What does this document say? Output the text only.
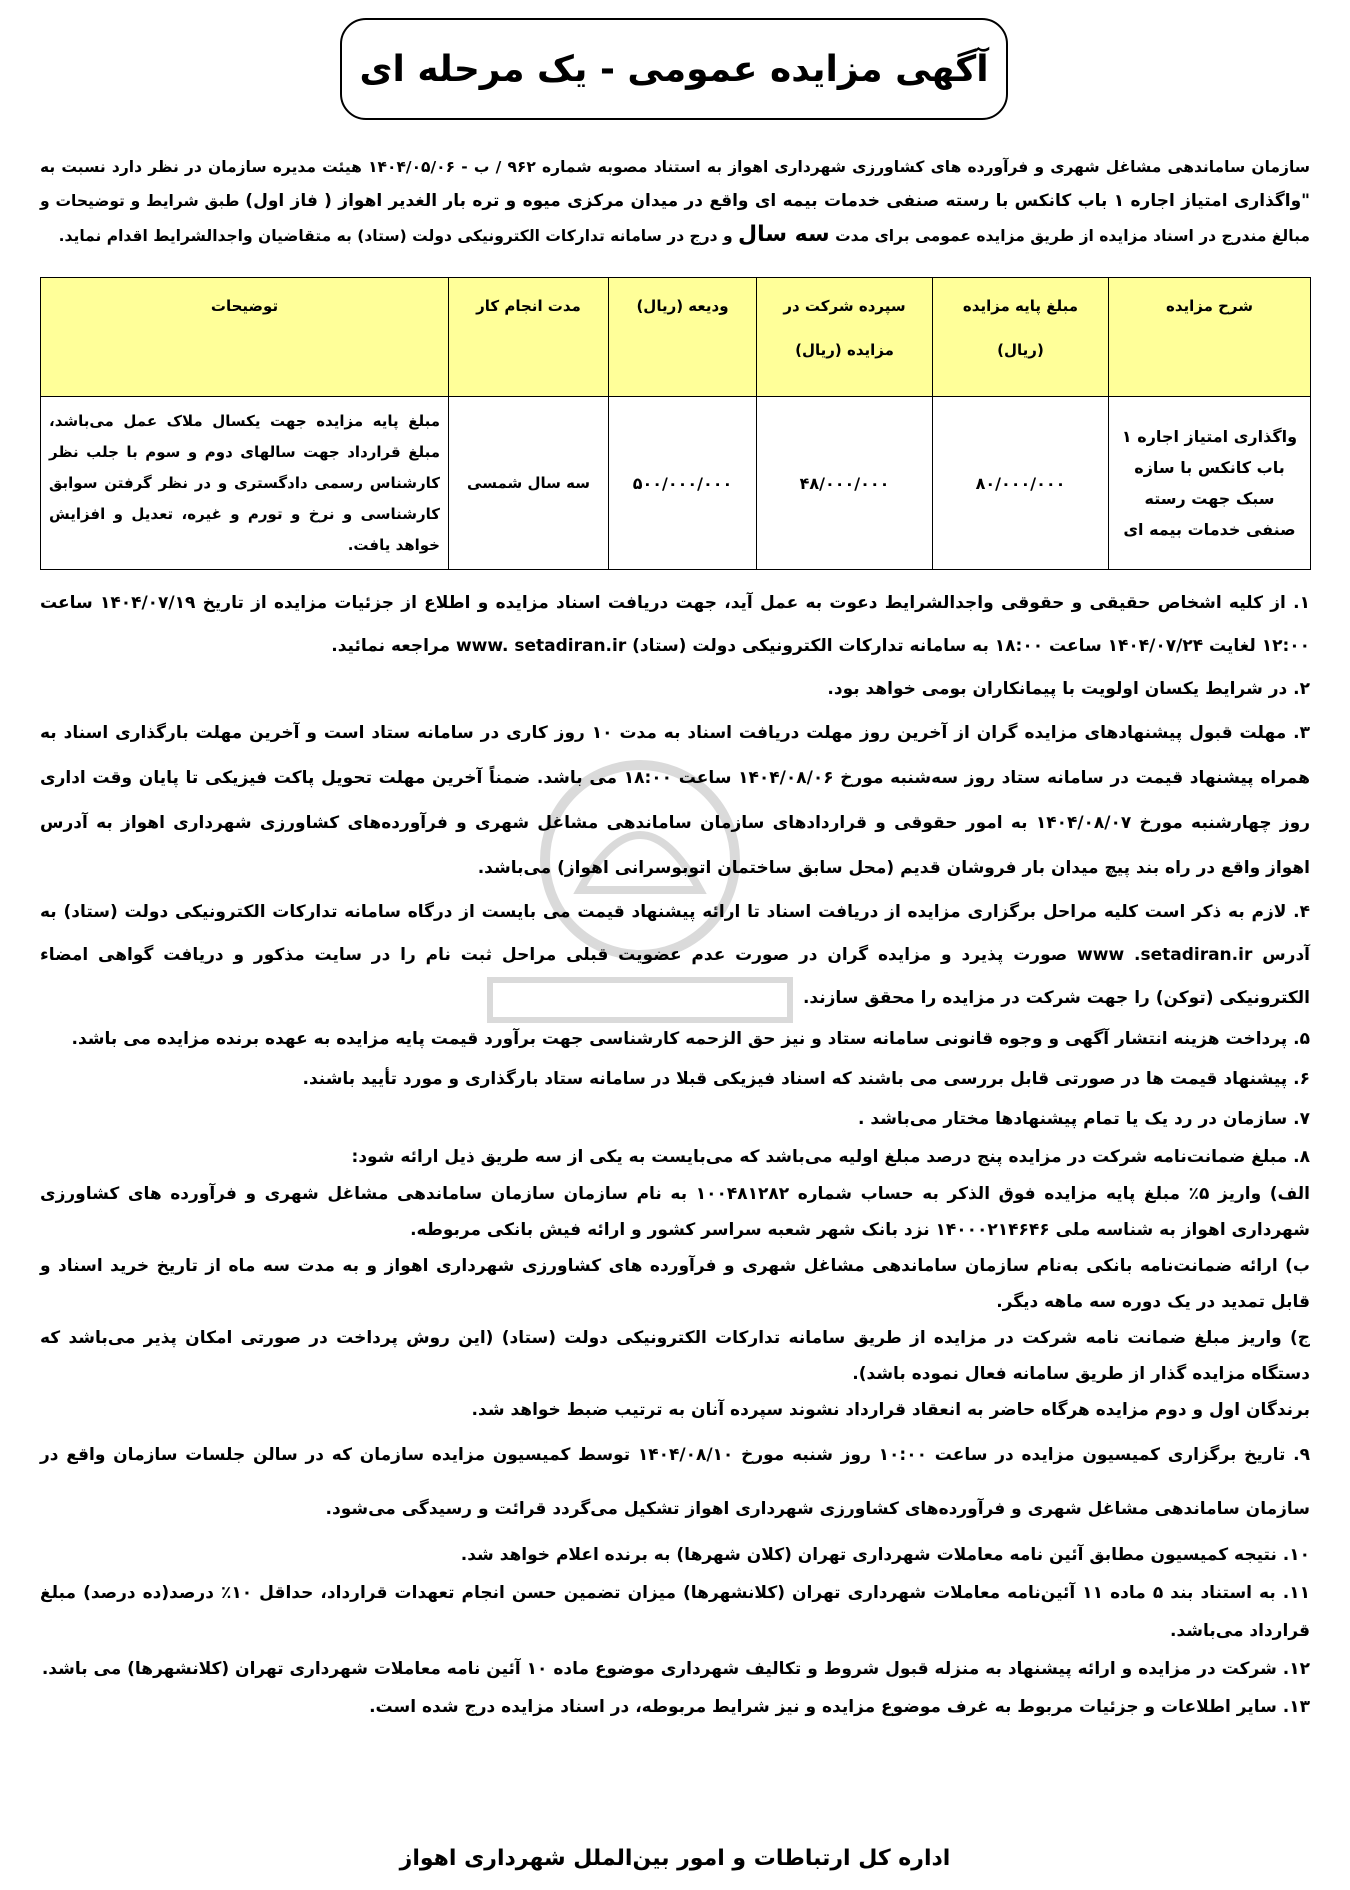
آگهی مزایده عمومی - یک مرحله ای

سازمان ساماندهی مشاغل شهری و فرآورده های کشاورزی شهرداری اهواز به استناد مصوبه شماره ۹۶۲ / ب - ۱۴۰۴/۰۵/۰۶ هیئت مدیره سازمان در نظر دارد نسبت به "واگذاری امتیاز اجاره ۱ باب کانکس با رسته صنفی خدمات بیمه ای واقع در میدان مرکزی میوه و تره بار الغدیر اهواز ( فاز اول) طبق شرایط و توضیحات و مبالغ مندرج در اسناد مزایده از طریق مزایده عمومی برای مدت سه سال و درج در سامانه تدارکات الکترونیکی دولت (ستاد) به متقاضیان واجدالشرایط اقدام نماید.

شرح مزایده	مبلغ پایه مزایده (ریال)	سپرده شرکت در مزایده (ریال)	ودیعه (ریال)	مدت انجام کار	توضیحات
واگذاری امتیاز اجاره ۱ باب کانکس با سازه سبک جهت رسته صنفی خدمات بیمه ای	۸۰/۰۰۰/۰۰۰	۴۸/۰۰۰/۰۰۰	۵۰۰/۰۰۰/۰۰۰	سه سال شمسی	مبلغ پایه مزایده جهت یکسال ملاک عمل می‌باشد، مبلغ قرارداد جهت سالهای دوم و سوم با جلب نظر کارشناس رسمی دادگستری و در نظر گرفتن سوابق کارشناسی و نرخ و تورم و غیره، تعدیل و افزایش خواهد یافت.

۱. از کلیه اشخاص حقیقی و حقوقی واجدالشرایط دعوت به عمل آید، جهت دریافت اسناد مزایده و اطلاع از جزئیات مزایده از تاریخ ۱۴۰۴/۰۷/۱۹ ساعت ۱۲:۰۰ لغایت ۱۴۰۴/۰۷/۲۴ ساعت ۱۸:۰۰ به سامانه تدارکات الکترونیکی دولت (ستاد) www. setadiran.ir مراجعه نمائید.

۲. در شرایط یکسان اولویت با پیمانکاران بومی خواهد بود.

۳. مهلت قبول پیشنهادهای مزایده گران از آخرین روز مهلت دریافت اسناد به مدت ۱۰ روز کاری در سامانه ستاد است و آخرین مهلت بارگذاری اسناد به همراه پیشنهاد قیمت در سامانه ستاد روز سه‌شنبه مورخ ۱۴۰۴/۰۸/۰۶ ساعت ۱۸:۰۰ می باشد. ضمناً آخرین مهلت تحویل پاکت فیزیکی تا پایان وقت اداری روز چهارشنبه مورخ ۱۴۰۴/۰۸/۰۷ به امور حقوقی و قراردادهای سازمان ساماندهی مشاغل شهری و فرآورده‌های کشاورزی شهرداری اهواز به آدرس اهواز واقع در راه بند پیچ میدان بار فروشان قدیم (محل سابق ساختمان اتوبوسرانی اهواز) می‌باشد.

۴. لازم به ذکر است کلیه مراحل برگزاری مزایده از دریافت اسناد تا ارائه پیشنهاد قیمت می بایست از درگاه سامانه تدارکات الکترونیکی دولت (ستاد) به آدرس www .setadiran.ir صورت پذیرد و مزایده گران در صورت عدم عضویت قبلی مراحل ثبت نام را در سایت مذکور و دریافت گواهی امضاء الکترونیکی (توکن) را جهت شرکت در مزایده را محقق سازند.

۵. پرداخت هزینه انتشار آگهی و وجوه قانونی سامانه ستاد و نیز حق الزحمه کارشناسی جهت برآورد قیمت پایه مزایده به عهده برنده مزایده می باشد.

۶. پیشنهاد قیمت ها در صورتی قابل بررسی می باشند که اسناد فیزیکی قبلا در سامانه ستاد بارگذاری و مورد تأیید باشند.

۷. سازمان در رد یک یا تمام پیشنهادها مختار می‌باشد .

۸. مبلغ ضمانت‌نامه شرکت در مزایده پنج درصد مبلغ اولیه می‌باشد که می‌بایست به یکی از سه طریق ذیل ارائه شود:

الف) واریز ۵٪ مبلغ پایه مزایده فوق الذکر به حساب شماره ۱۰۰۴۸۱۲۸۲ به نام سازمان سازمان ساماندهی مشاغل شهری و فرآورده های کشاورزی شهرداری اهواز به شناسه ملی ۱۴۰۰۰۲۱۴۶۴۶ نزد بانک شهر شعبه سراسر کشور و ارائه فیش بانکی مربوطه.

ب) ارائه ضمانت‌نامه بانکی به‌نام سازمان ساماندهی مشاغل شهری و فرآورده های کشاورزی شهرداری اهواز و به مدت سه ماه از تاریخ خرید اسناد و قابل تمدید در یک دوره سه ماهه دیگر.

ج) واریز مبلغ ضمانت نامه شرکت در مزایده از طریق سامانه تدارکات الکترونیکی دولت (ستاد) (این روش پرداخت در صورتی امکان پذیر می‌باشد که دستگاه مزایده گذار از طریق سامانه فعال نموده باشد).

برندگان اول و دوم مزایده هرگاه حاضر به انعقاد قرارداد نشوند سپرده آنان به ترتیب ضبط خواهد شد.

۹. تاریخ برگزاری کمیسیون مزایده در ساعت ۱۰:۰۰ روز شنبه مورخ ۱۴۰۴/۰۸/۱۰ توسط کمیسیون مزایده سازمان که در سالن جلسات سازمان واقع در سازمان ساماندهی مشاغل شهری و فرآورده‌های کشاورزی شهرداری اهواز تشکیل می‌گردد قرائت و رسیدگی می‌شود.

۱۰. نتیجه کمیسیون مطابق آئین نامه معاملات شهرداری تهران (کلان شهرها) به برنده اعلام خواهد شد.

۱۱. به استناد بند ۵ ماده ۱۱ آئین‌نامه معاملات شهرداری تهران (کلانشهرها) میزان تضمین حسن انجام تعهدات قرارداد، حداقل ۱۰٪ درصد(ده درصد) مبلغ قرارداد می‌باشد.

۱۲. شرکت در مزایده و ارائه پیشنهاد به منزله قبول شروط و تکالیف شهرداری موضوع ماده ۱۰ آئین نامه معاملات شهرداری تهران (کلانشهرها) می باشد.

۱۳. سایر اطلاعات و جزئیات مربوط به غرف موضوع مزایده و نیز شرایط مربوطه، در اسناد مزایده درج شده است.

اداره کل ارتباطات و امور بین‌الملل شهرداری اهواز
